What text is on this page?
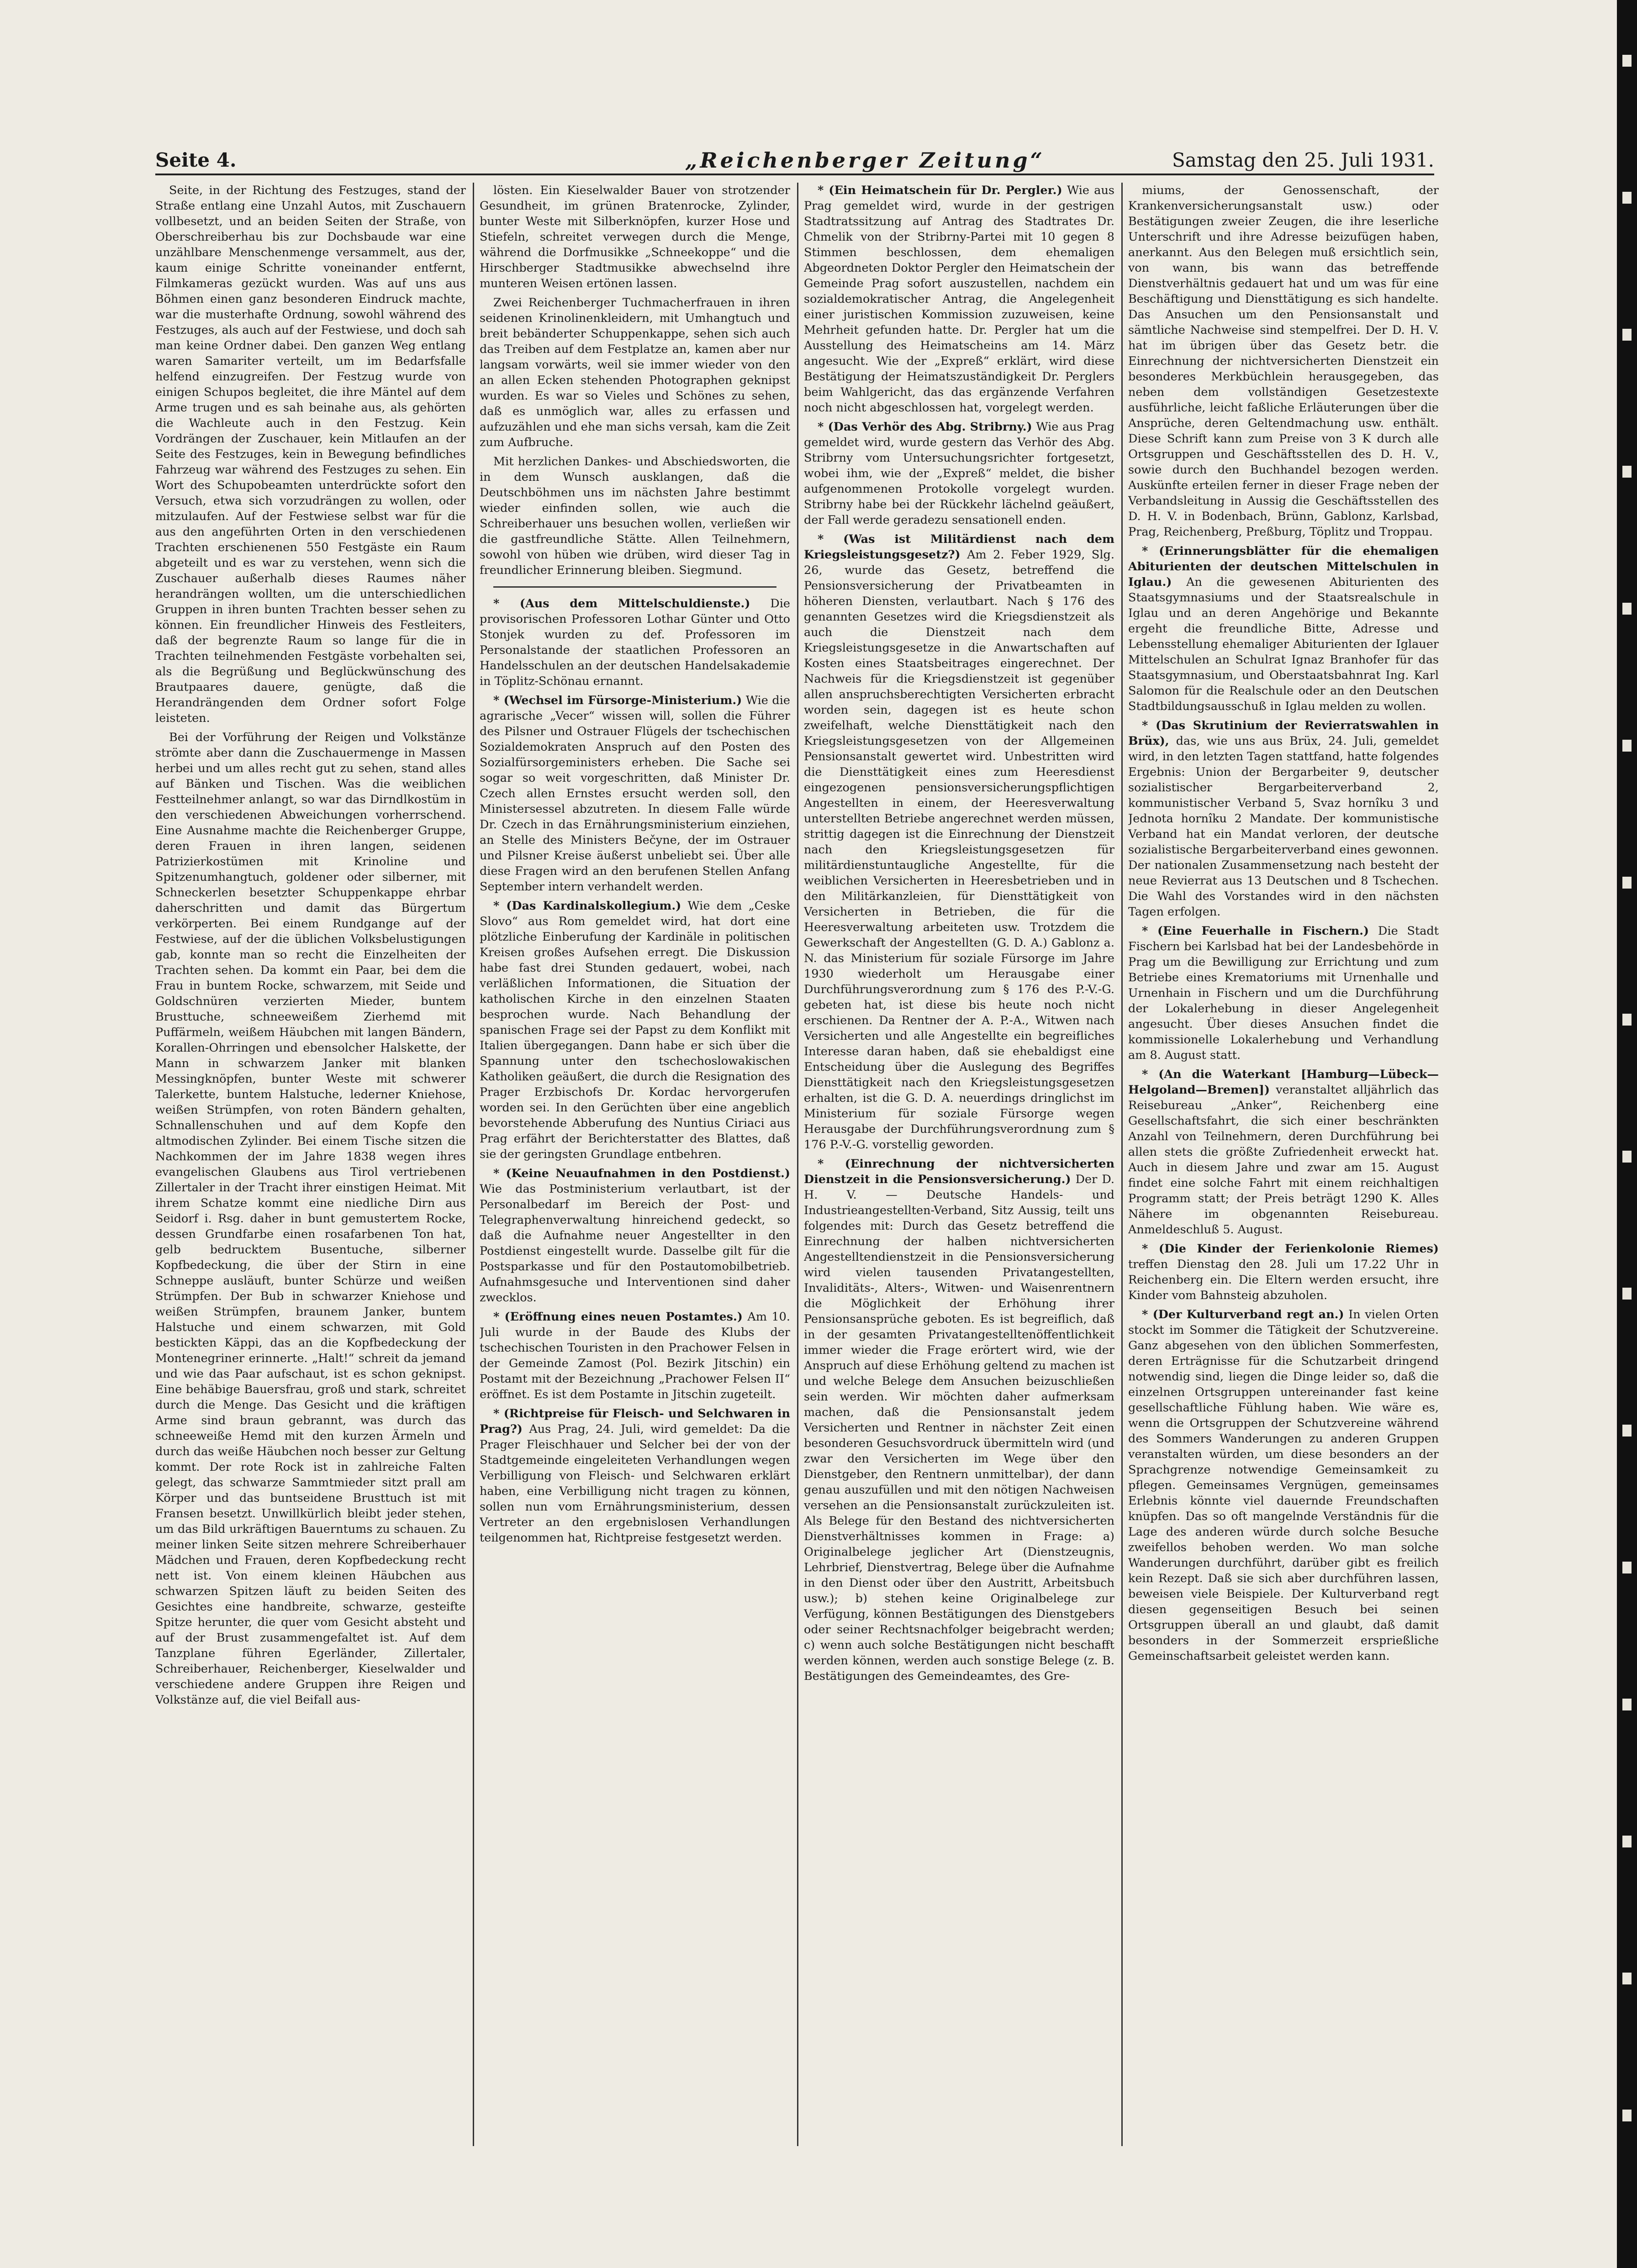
Seite 4.	„Reichenberger Zeitung“	Samstag den 25. Juli 1931.

Seite, in der Richtung des Festzuges, stand der Straße entlang eine Unzahl Autos, mit Zuschauern vollbesetzt, und an beiden Seiten der Straße, von Oberschreiberhau bis zur Dochsbaude war eine unzählbare Menschenmenge versammelt, aus der, kaum einige Schritte voneinander entfernt, Filmkameras gezückt wurden. Was auf uns aus Böhmen einen ganz besonderen Eindruck machte, war die musterhafte Ordnung, sowohl während des Festzuges, als auch auf der Festwiese, und doch sah man keine Ordner dabei. Den ganzen Weg entlang waren Samariter verteilt, um im Bedarfsfalle helfend einzugreifen. Der Festzug wurde von einigen Schupos begleitet, die ihre Mäntel auf dem Arme trugen und es sah beinahe aus, als gehörten die Wachleute auch in den Festzug. Kein Vordrängen der Zuschauer, kein Mitlaufen an der Seite des Festzuges, kein in Bewegung befindliches Fahrzeug war während des Festzuges zu sehen. Ein Wort des Schupobeamten unterdrückte sofort den Versuch, etwa sich vorzudrängen zu wollen, oder mitzulaufen. Auf der Festwiese selbst war für die aus den angeführten Orten in den verschiedenen Trachten erschienenen 550 Festgäste ein Raum abgeteilt und es war zu verstehen, wenn sich die Zuschauer außerhalb dieses Raumes näher herandrängen wollten, um die unterschiedlichen Gruppen in ihren bunten Trachten besser sehen zu können. Ein freundlicher Hinweis des Festleiters, daß der begrenzte Raum so lange für die in Trachten teilnehmenden Festgäste vorbehalten sei, als die Begrüßung und Beglückwünschung des Brautpaares dauere, genügte, daß die Herandrängenden dem Ordner sofort Folge leisteten.

Bei der Vorführung der Reigen und Volkstänze strömte aber dann die Zuschauermenge in Massen herbei und um alles recht gut zu sehen, stand alles auf Bänken und Tischen. Was die weiblichen Festteilnehmer anlangt, so war das Dirndlkostüm in den verschiedenen Abweichungen vorherrschend. Eine Ausnahme machte die Reichenberger Gruppe, deren Frauen in ihren langen, seidenen Patrizierkostümen mit Krinoline und Spitzenumhangtuch, goldener oder silberner, mit Schneckerlen besetzter Schuppenkappe ehrbar daherschritten und damit das Bürgertum verkörperten. Bei einem Rundgange auf der Festwiese, auf der die üblichen Volksbelustigungen gab, konnte man so recht die Einzelheiten der Trachten sehen. Da kommt ein Paar, bei dem die Frau in buntem Rocke, schwarzem, mit Seide und Goldschnüren verzierten Mieder, buntem Brusttuche, schneeweißem Zierhemd mit Puffärmeln, weißem Häubchen mit langen Bändern, Korallen-Ohrringen und ebensolcher Halskette, der Mann in schwarzem Janker mit blanken Messingknöpfen, bunter Weste mit schwerer Talerkette, buntem Halstuche, lederner Kniehose, weißen Strümpfen, von roten Bändern gehalten, Schnallenschuhen und auf dem Kopfe den altmodischen Zylinder. Bei einem Tische sitzen die Nachkommen der im Jahre 1838 wegen ihres evangelischen Glaubens aus Tirol vertriebenen Zillertaler in der Tracht ihrer einstigen Heimat. Mit ihrem Schatze kommt eine niedliche Dirn aus Seidorf i. Rsg. daher in bunt gemustertem Rocke, dessen Grundfarbe einen rosafarbenen Ton hat, gelb bedrucktem Busentuche, silberner Kopfbedeckung, die über der Stirn in eine Schneppe ausläuft, bunter Schürze und weißen Strümpfen. Der Bub in schwarzer Kniehose und weißen Strümpfen, braunem Janker, buntem Halstuche und einem schwarzen, mit Gold bestickten Käppi, das an die Kopfbedeckung der Montenegriner erinnerte. „Halt!“ schreit da jemand und wie das Paar aufschaut, ist es schon geknipst. Eine behäbige Bauersfrau, groß und stark, schreitet durch die Menge. Das Gesicht und die kräftigen Arme sind braun gebrannt, was durch das schneeweiße Hemd mit den kurzen Ärmeln und durch das weiße Häubchen noch besser zur Geltung kommt. Der rote Rock ist in zahlreiche Falten gelegt, das schwarze Sammtmieder sitzt prall am Körper und das buntseidene Brusttuch ist mit Fransen besetzt. Unwillkürlich bleibt jeder stehen, um das Bild urkräftigen Bauerntums zu schauen. Zu meiner linken Seite sitzen mehrere Schreiberhauer Mädchen und Frauen, deren Kopfbedeckung recht nett ist. Von einem kleinen Häubchen aus schwarzen Spitzen läuft zu beiden Seiten des Gesichtes eine handbreite, schwarze, gesteifte Spitze herunter, die quer vom Gesicht absteht und auf der Brust zusammengefaltet ist. Auf dem Tanzplane führen Egerländer, Zillertaler, Schreiberhauer, Reichenberger, Kieselwalder und verschiedene andere Gruppen ihre Reigen und Volkstänze auf, die viel Beifall aus-

lösten. Ein Kieselwalder Bauer von strotzender Gesundheit, im grünen Bratenrocke, Zylinder, bunter Weste mit Silberknöpfen, kurzer Hose und Stiefeln, schreitet verwegen durch die Menge, während die Dorfmusikke „Schneekoppe“ und die Hirschberger Stadtmusikke abwechselnd ihre munteren Weisen ertönen lassen.

Zwei Reichenberger Tuchmacherfrauen in ihren seidenen Krinolinenkleidern, mit Umhangtuch und breit bebänderter Schuppenkappe, sehen sich auch das Treiben auf dem Festplatze an, kamen aber nur langsam vorwärts, weil sie immer wieder von den an allen Ecken stehenden Photographen geknipst wurden. Es war so Vieles und Schönes zu sehen, daß es unmöglich war, alles zu erfassen und aufzuzählen und ehe man sichs versah, kam die Zeit zum Aufbruche.

Mit herzlichen Dankes- und Abschiedsworten, die in dem Wunsch ausklangen, daß die Deutschböhmen uns im nächsten Jahre bestimmt wieder einfinden sollen, wie auch die Schreiberhauer uns besuchen wollen, verließen wir die gastfreundliche Stätte. Allen Teilnehmern, sowohl von hüben wie drüben, wird dieser Tag in freundlicher Erinnerung bleiben. Siegmund.

* (Aus dem Mittelschuldienste.) Die provisorischen Professoren Lothar Günter und Otto Stonjek wurden zu def. Professoren im Personalstande der staatlichen Professoren an Handelsschulen an der deutschen Handelsakademie in Töplitz-Schönau ernannt.

* (Wechsel im Fürsorge-Ministerium.) Wie die agrarische „Vecer“ wissen will, sollen die Führer des Pilsner und Ostrauer Flügels der tschechischen Sozialdemokraten Anspruch auf den Posten des Sozialfürsorgeministers erheben. Die Sache sei sogar so weit vorgeschritten, daß Minister Dr. Czech allen Ernstes ersucht werden soll, den Ministersessel abzutreten. In diesem Falle würde Dr. Czech in das Ernährungsministerium einziehen, an Stelle des Ministers Bečyne, der im Ostrauer und Pilsner Kreise äußerst unbeliebt sei. Über alle diese Fragen wird an den berufenen Stellen Anfang September intern verhandelt werden.

* (Das Kardinalskollegium.) Wie dem „Ceske Slovo“ aus Rom gemeldet wird, hat dort eine plötzliche Einberufung der Kardinäle in politischen Kreisen großes Aufsehen erregt. Die Diskussion habe fast drei Stunden gedauert, wobei, nach verläßlichen Informationen, die Situation der katholischen Kirche in den einzelnen Staaten besprochen wurde. Nach Behandlung der spanischen Frage sei der Papst zu dem Konflikt mit Italien übergegangen. Dann habe er sich über die Spannung unter den tschechoslowakischen Katholiken geäußert, die durch die Resignation des Prager Erzbischofs Dr. Kordac hervorgerufen worden sei. In den Gerüchten über eine angeblich bevorstehende Abberufung des Nuntius Ciriaci aus Prag erfährt der Berichterstatter des Blattes, daß sie der geringsten Grundlage entbehren.

* (Keine Neuaufnahmen in den Postdienst.) Wie das Postministerium verlautbart, ist der Personalbedarf im Bereich der Post- und Telegraphenverwaltung hinreichend gedeckt, so daß die Aufnahme neuer Angestellter in den Postdienst eingestellt wurde. Dasselbe gilt für die Postsparkasse und für den Postautomobilbetrieb. Aufnahmsgesuche und Interventionen sind daher zwecklos.

* (Eröffnung eines neuen Postamtes.) Am 10. Juli wurde in der Baude des Klubs der tschechischen Touristen in den Prachower Felsen in der Gemeinde Zamost (Pol. Bezirk Jitschin) ein Postamt mit der Bezeichnung „Prachower Felsen II“ eröffnet. Es ist dem Postamte in Jitschin zugeteilt.

* (Richtpreise für Fleisch- und Selchwaren in Prag?) Aus Prag, 24. Juli, wird gemeldet: Da die Prager Fleischhauer und Selcher bei der von der Stadtgemeinde eingeleiteten Verhandlungen wegen Verbilligung von Fleisch- und Selchwaren erklärt haben, eine Verbilligung nicht tragen zu können, sollen nun vom Ernährungsministerium, dessen Vertreter an den ergebnislosen Verhandlungen teilgenommen hat, Richtpreise festgesetzt werden.

* (Ein Heimatschein für Dr. Pergler.) Wie aus Prag gemeldet wird, wurde in der gestrigen Stadtratssitzung auf Antrag des Stadtrates Dr. Chmelik von der Stribrny-Partei mit 10 gegen 8 Stimmen beschlossen, dem ehemaligen Abgeordneten Doktor Pergler den Heimatschein der Gemeinde Prag sofort auszustellen, nachdem ein sozialdemokratischer Antrag, die Angelegenheit einer juristischen Kommission zuzuweisen, keine Mehrheit gefunden hatte. Dr. Pergler hat um die Ausstellung des Heimatscheins am 14. März angesucht. Wie der „Expreß“ erklärt, wird diese Bestätigung der Heimatszuständigkeit Dr. Perglers beim Wahlgericht, das das ergänzende Verfahren noch nicht abgeschlossen hat, vorgelegt werden.

* (Das Verhör des Abg. Stribrny.) Wie aus Prag gemeldet wird, wurde gestern das Verhör des Abg. Stribrny vom Untersuchungsrichter fortgesetzt, wobei ihm, wie der „Expreß“ meldet, die bisher aufgenommenen Protokolle vorgelegt wurden. Stribrny habe bei der Rückkehr lächelnd geäußert, der Fall werde geradezu sensationell enden.

* (Was ist Militärdienst nach dem Kriegsleistungsgesetz?) Am 2. Feber 1929, Slg. 26, wurde das Gesetz, betreffend die Pensionsversicherung der Privatbeamten in höheren Diensten, verlautbart. Nach § 176 des genannten Gesetzes wird die Kriegsdienstzeit als auch die Dienstzeit nach dem Kriegsleistungsgesetze in die Anwartschaften auf Kosten eines Staatsbeitrages eingerechnet. Der Nachweis für die Kriegsdienstzeit ist gegenüber allen anspruchsberechtigten Versicherten erbracht worden sein, dagegen ist es heute schon zweifelhaft, welche Diensttätigkeit nach den Kriegsleistungsgesetzen von der Allgemeinen Pensionsanstalt gewertet wird. Unbestritten wird die Diensttätigkeit eines zum Heeresdienst eingezogenen pensionsversicherungspflichtigen Angestellten in einem, der Heeresverwaltung unterstellten Betriebe angerechnet werden müssen, strittig dagegen ist die Einrechnung der Dienstzeit nach den Kriegsleistungsgesetzen für militärdienstuntaugliche Angestellte, für die weiblichen Versicherten in Heeresbetrieben und in den Militärkanzleien, für Diensttätigkeit von Versicherten in Betrieben, die für die Heeresverwaltung arbeiteten usw. Trotzdem die Gewerkschaft der Angestellten (G. D. A.) Gablonz a. N. das Ministerium für soziale Fürsorge im Jahre 1930 wiederholt um Herausgabe einer Durchführungsverordnung zum § 176 des P.-V.-G. gebeten hat, ist diese bis heute noch nicht erschienen. Da Rentner der A. P.-A., Witwen nach Versicherten und alle Angestellte ein begreifliches Interesse daran haben, daß sie ehebaldigst eine Entscheidung über die Auslegung des Begriffes Diensttätigkeit nach den Kriegsleistungsgesetzen erhalten, ist die G. D. A. neuerdings dringlichst im Ministerium für soziale Fürsorge wegen Herausgabe der Durchführungsverordnung zum § 176 P.-V.-G. vorstellig geworden.

* (Einrechnung der nichtversicherten Dienstzeit in die Pensionsversicherung.) Der D. H. V. — Deutsche Handels- und Industrieangestellten-Verband, Sitz Aussig, teilt uns folgendes mit: Durch das Gesetz betreffend die Einrechnung der halben nichtversicherten Angestelltendienstzeit in die Pensionsversicherung wird vielen tausenden Privatangestellten, Invaliditäts-, Alters-, Witwen- und Waisenrentnern die Möglichkeit der Erhöhung ihrer Pensionsansprüche geboten. Es ist begreiflich, daß in der gesamten Privatangestelltenöffentlichkeit immer wieder die Frage erörtert wird, wie der Anspruch auf diese Erhöhung geltend zu machen ist und welche Belege dem Ansuchen beizuschließen sein werden. Wir möchten daher aufmerksam machen, daß die Pensionsanstalt jedem Versicherten und Rentner in nächster Zeit einen besonderen Gesuchsvordruck übermitteln wird (und zwar den Versicherten im Wege über den Dienstgeber, den Rentnern unmittelbar), der dann genau auszufüllen und mit den nötigen Nachweisen versehen an die Pensionsanstalt zurückzuleiten ist. Als Belege für den Bestand des nichtversicherten Dienstverhältnisses kommen in Frage: a) Originalbelege jeglicher Art (Dienstzeugnis, Lehrbrief, Dienstvertrag, Belege über die Aufnahme in den Dienst oder über den Austritt, Arbeitsbuch usw.); b) stehen keine Originalbelege zur Verfügung, können Bestätigungen des Dienstgebers oder seiner Rechtsnachfolger beigebracht werden; c) wenn auch solche Bestätigungen nicht beschafft werden können, werden auch sonstige Belege (z. B. Bestätigungen des Gemeindeamtes, des Gre-

miums, der Genossenschaft, der Krankenversicherungsanstalt usw.) oder Bestätigungen zweier Zeugen, die ihre leserliche Unterschrift und ihre Adresse beizufügen haben, anerkannt. Aus den Belegen muß ersichtlich sein, von wann, bis wann das betreffende Dienstverhältnis gedauert hat und um was für eine Beschäftigung und Diensttätigung es sich handelte. Das Ansuchen um den Pensionsanstalt und sämtliche Nachweise sind stempelfrei. Der D. H. V. hat im übrigen über das Gesetz betr. die Einrechnung der nichtversicherten Dienstzeit ein besonderes Merkbüchlein herausgegeben, das neben dem vollständigen Gesetzestexte ausführliche, leicht faßliche Erläuterungen über die Ansprüche, deren Geltendmachung usw. enthält. Diese Schrift kann zum Preise von 3 K durch alle Ortsgruppen und Geschäftsstellen des D. H. V., sowie durch den Buchhandel bezogen werden. Auskünfte erteilen ferner in dieser Frage neben der Verbandsleitung in Aussig die Geschäftsstellen des D. H. V. in Bodenbach, Brünn, Gablonz, Karlsbad, Prag, Reichenberg, Preßburg, Töplitz und Troppau.

* (Erinnerungsblätter für die ehemaligen Abiturienten der deutschen Mittelschulen in Iglau.) An die gewesenen Abiturienten des Staatsgymnasiums und der Staatsrealschule in Iglau und an deren Angehörige und Bekannte ergeht die freundliche Bitte, Adresse und Lebensstellung ehemaliger Abiturienten der Iglauer Mittelschulen an Schulrat Ignaz Branhofer für das Staatsgymnasium, und Oberstaatsbahnrat Ing. Karl Salomon für die Realschule oder an den Deutschen Stadtbildungsausschuß in Iglau melden zu wollen.

* (Das Skrutinium der Revierratswahlen in Brüx), das, wie uns aus Brüx, 24. Juli, gemeldet wird, in den letzten Tagen stattfand, hatte folgendes Ergebnis: Union der Bergarbeiter 9, deutscher sozialistischer Bergarbeiterverband 2, kommunistischer Verband 5, Svaz hornîku 3 und Jednota hornîku 2 Mandate. Der kommunistische Verband hat ein Mandat verloren, der deutsche sozialistische Bergarbeiterverband eines gewonnen. Der nationalen Zusammensetzung nach besteht der neue Revierrat aus 13 Deutschen und 8 Tschechen. Die Wahl des Vorstandes wird in den nächsten Tagen erfolgen.

* (Eine Feuerhalle in Fischern.) Die Stadt Fischern bei Karlsbad hat bei der Landesbehörde in Prag um die Bewilligung zur Errichtung und zum Betriebe eines Krematoriums mit Urnenhalle und Urnenhain in Fischern und um die Durchführung der Lokalerhebung in dieser Angelegenheit angesucht. Über dieses Ansuchen findet die kommissionelle Lokalerhebung und Verhandlung am 8. August statt.

* (An die Waterkant [Hamburg—Lübeck—Helgoland—Bremen]) veranstaltet alljährlich das Reisebureau „Anker“, Reichenberg eine Gesellschaftsfahrt, die sich einer beschränkten Anzahl von Teilnehmern, deren Durchführung bei allen stets die größte Zufriedenheit erweckt hat. Auch in diesem Jahre und zwar am 15. August findet eine solche Fahrt mit einem reichhaltigen Programm statt; der Preis beträgt 1290 K. Alles Nähere im obgenannten Reisebureau. Anmeldeschluß 5. August.

* (Die Kinder der Ferienkolonie Riemes) treffen Dienstag den 28. Juli um 17.22 Uhr in Reichenberg ein. Die Eltern werden ersucht, ihre Kinder vom Bahnsteig abzuholen.

* (Der Kulturverband regt an.) In vielen Orten stockt im Sommer die Tätigkeit der Schutzvereine. Ganz abgesehen von den üblichen Sommerfesten, deren Erträgnisse für die Schutzarbeit dringend notwendig sind, liegen die Dinge leider so, daß die einzelnen Ortsgruppen untereinander fast keine gesellschaftliche Fühlung haben. Wie wäre es, wenn die Ortsgruppen der Schutzvereine während des Sommers Wanderungen zu anderen Gruppen veranstalten würden, um diese besonders an der Sprachgrenze notwendige Gemeinsamkeit zu pflegen. Gemeinsames Vergnügen, gemeinsames Erlebnis könnte viel dauernde Freundschaften knüpfen. Das so oft mangelnde Verständnis für die Lage des anderen würde durch solche Besuche zweifellos behoben werden. Wo man solche Wanderungen durchführt, darüber gibt es freilich kein Rezept. Daß sie sich aber durchführen lassen, beweisen viele Beispiele. Der Kulturverband regt diesen gegenseitigen Besuch bei seinen Ortsgruppen überall an und glaubt, daß damit besonders in der Sommerzeit ersprießliche Gemeinschaftsarbeit geleistet werden kann.
